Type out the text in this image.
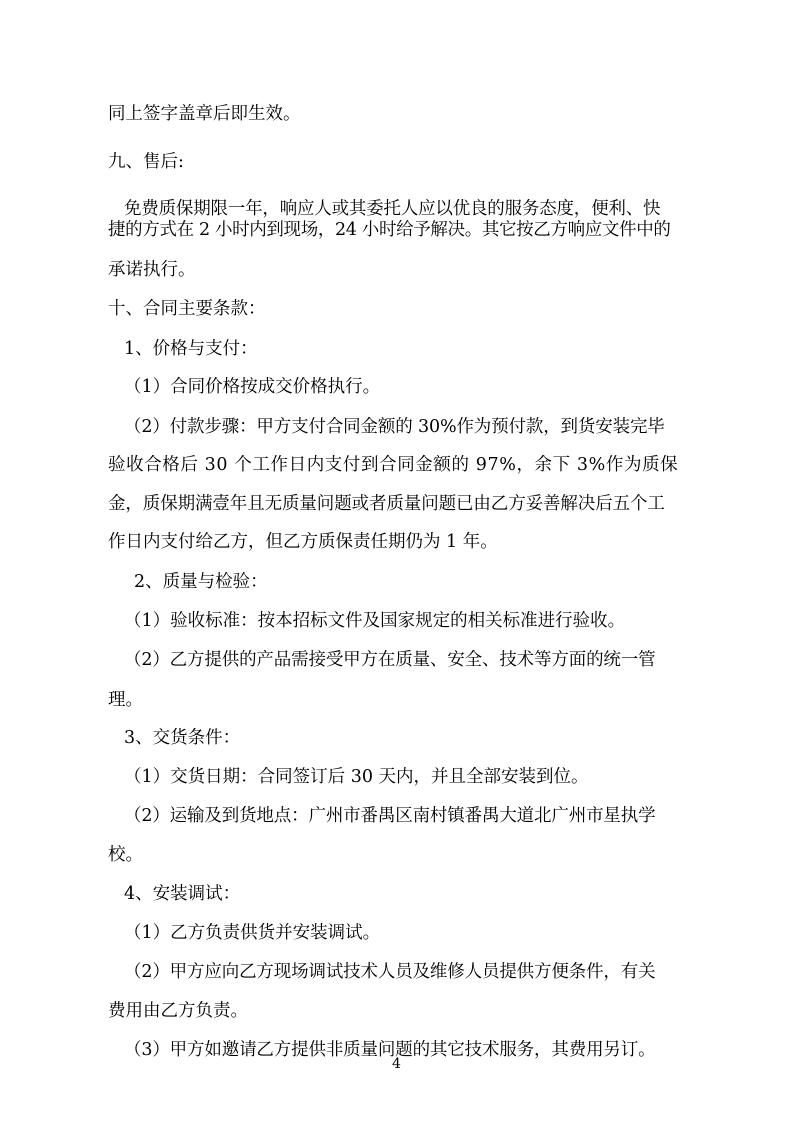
同上签字盖章后即生效。
九、售后:
免费质保期限一年，响应人或其委托人应以优良的服务态度，便利、快
捷的方式在 2 小时内到现场，24 小时给予解决。其它按乙方响应文件中的
承诺执行。
十、合同主要条款：
1、价格与支付：
（1）合同价格按成交价格执行。
（2）付款步骤：甲方支付合同金额的 30%作为预付款，到货安装完毕
验收合格后 30 个工作日内支付到合同金额的 97%，余下 3%作为质保
金，质保期满壹年且无质量问题或者质量问题已由乙方妥善解决后五个工
作日内支付给乙方，但乙方质保责任期仍为 1 年。
2、质量与检验：
（1）验收标准：按本招标文件及国家规定的相关标准进行验收。
（2）乙方提供的产品需接受甲方在质量、安全、技术等方面的统一管
理。
3、交货条件：
（1）交货日期：合同签订后 30 天内，并且全部安装到位。
（2）运输及到货地点：广州市番禺区南村镇番禺大道北广州市星执学
校。
4、安装调试：
（1）乙方负责供货并安装调试。
（2）甲方应向乙方现场调试技术人员及维修人员提供方便条件，有关
费用由乙方负责。
（3）甲方如邀请乙方提供非质量问题的其它技术服务，其费用另订。
4
